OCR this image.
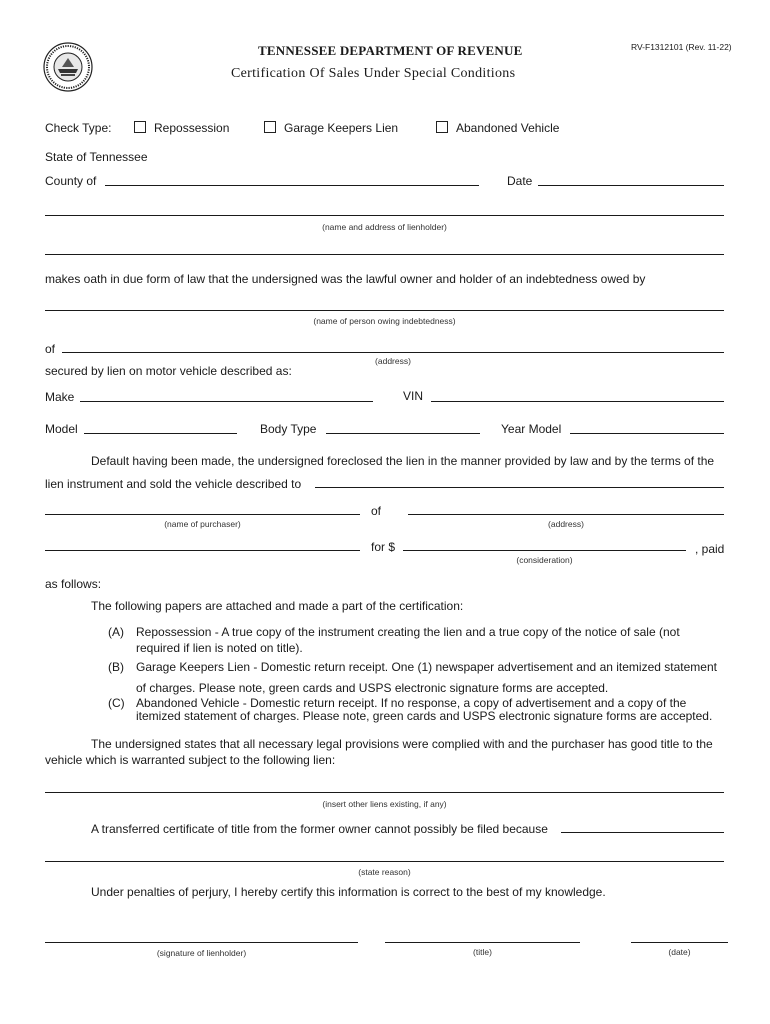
TENNESSEE DEPARTMENT OF REVENUE
Certification Of Sales Under Special Conditions
RV-F1312101 (Rev. 11-22)
Check Type:	Repossession	Garage Keepers Lien	Abandoned Vehicle
State of Tennessee
County of	Date
(name and address of lienholder)
makes oath in due form of law that the undersigned was the lawful owner and holder of an indebtedness owed by
(name of person owing indebtedness)
of
(address)
secured by lien on motor vehicle described as:
Make	VIN
Model	Body Type	Year Model
Default having been made, the undersigned foreclosed the lien in the manner provided by law and by the terms of the
lien instrument and sold the vehicle described to
(name of purchaser)
of
(address)
for $
(consideration)
, paid
as follows:
The following papers are attached and made a part of the certification:
(A) Repossession - A true copy of the instrument creating the lien and a true copy of the notice of sale (not
required if lien is noted on title).
(B) Garage Keepers Lien - Domestic return receipt. One (1) newspaper advertisement and an itemized statement
of charges. Please note, green cards and USPS electronic signature forms are accepted.
(C) Abandoned Vehicle - Domestic return receipt. If no response, a copy of advertisement and a copy of the
itemized statement of charges. Please note, green cards and USPS electronic signature forms are accepted.
The undersigned states that all necessary legal provisions were complied with and the purchaser has good title to the
vehicle which is warranted subject to the following lien:
(insert other liens existing, if any)
A transferred certificate of title from the former owner cannot possibly be filed because
(state reason)
Under penalties of perjury, I hereby certify this information is correct to the best of my knowledge.
(signature of lienholder)	(title)	(date)
